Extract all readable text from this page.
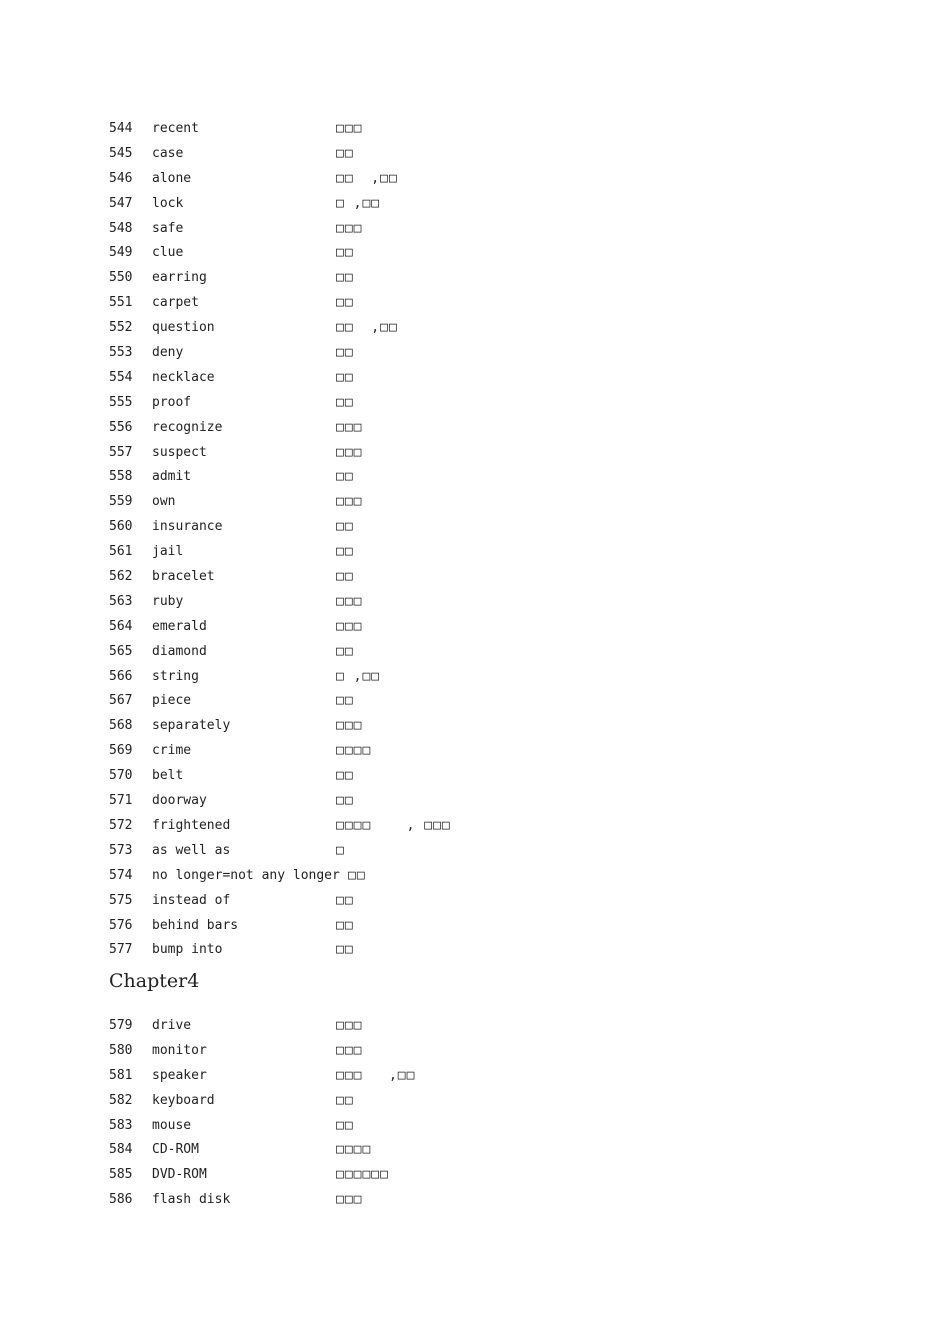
544 recent	□□□
545 case	□□
546 alone	□□  ,□□
547 lock	□ ,□□
548 safe	□□□
549 clue	□□
550 earring	□□
551 carpet	□□
552 question	□□  ,□□
553 deny	□□
554 necklace	□□
555 proof	□□
556 recognize	□□□
557 suspect	□□□
558 admit	□□
559 own	□□□
560 insurance	□□
561 jail	□□
562 bracelet	□□
563 ruby	□□□
564 emerald	□□□
565 diamond	□□
566 string	□ ,□□
567 piece	□□
568 separately	□□□
569 crime	□□□□
570 belt	□□
571 doorway	□□
572 frightened	□□□□    , □□□
573 as well as	□
574 no longer=not any longer □□
575 instead of	□□
576 behind bars	□□
577 bump into	□□
Chapter4
579 drive	□□□
580 monitor	□□□
581 speaker	□□□   ,□□
582 keyboard	□□
583 mouse	□□
584 CD-ROM	□□□□
585 DVD-ROM	□□□□□□
586 flash disk	□□□
